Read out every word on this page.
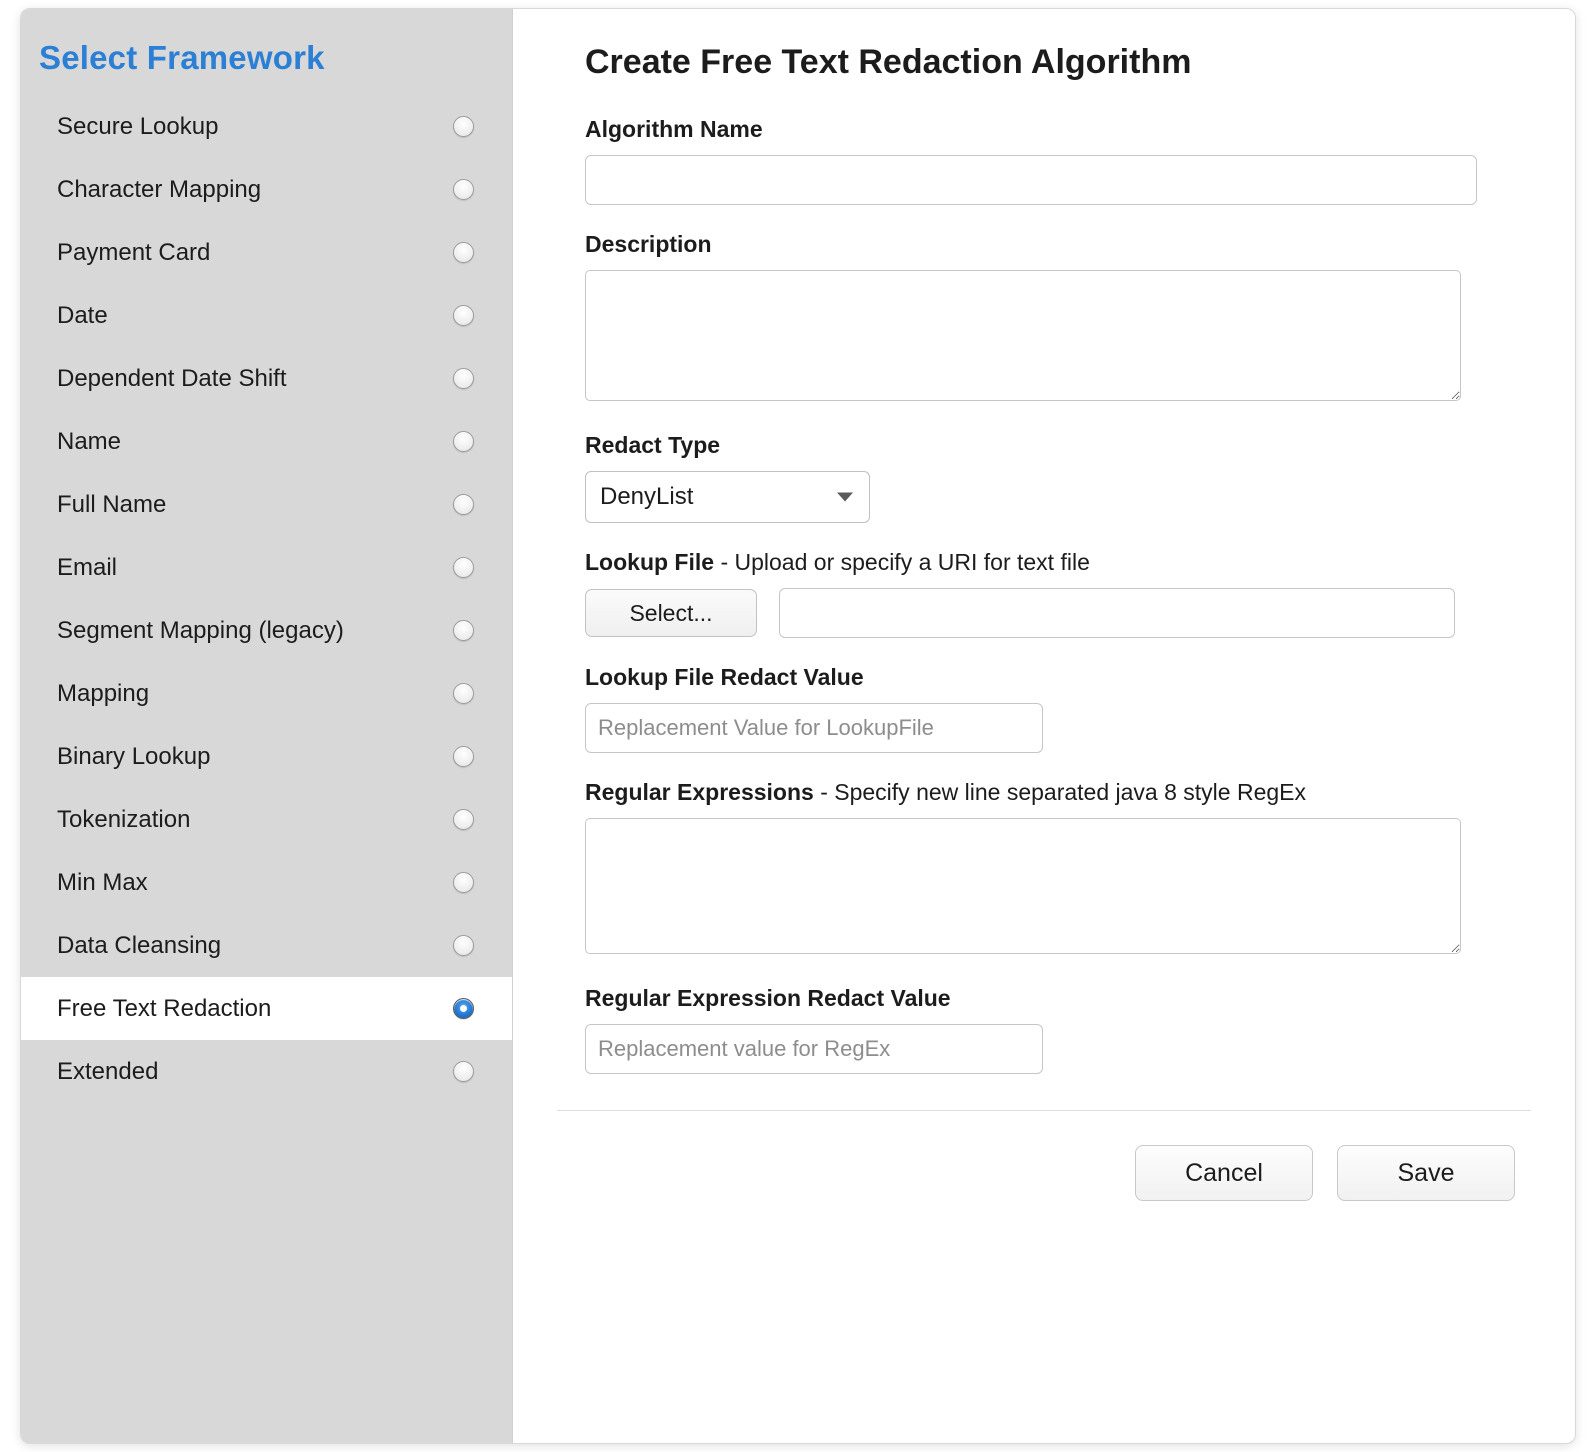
Select Framework
Secure Lookup
Character Mapping
Payment Card
Date
Dependent Date Shift
Name
Full Name
Email
Segment Mapping (legacy)
Mapping
Binary Lookup
Tokenization
Min Max
Data Cleansing
Free Text Redaction
Extended
Create Free Text Redaction Algorithm
Algorithm Name
Description
Redact Type
DenyList
Lookup File - Upload or specify a URI for text file
Select...
Lookup File Redact Value
Replacement Value for LookupFile
Regular Expressions - Specify new line separated java 8 style RegEx
Regular Expression Redact Value
Replacement value for RegEx
Cancel	Save
